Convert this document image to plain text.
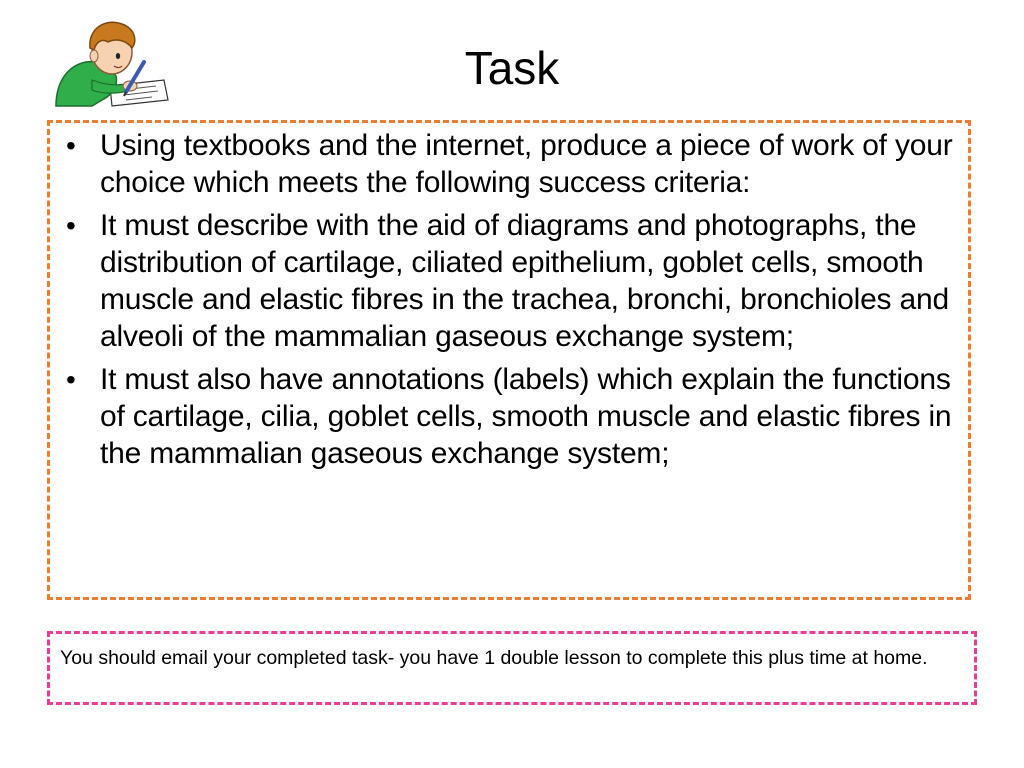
Task
• Using textbooks and the internet, produce a piece of work of your choice which meets the following success criteria:
• It must describe with the aid of diagrams and photographs, the distribution of cartilage, ciliated epithelium, goblet cells, smooth muscle and elastic fibres in the trachea, bronchi, bronchioles and alveoli of the mammalian gaseous exchange system;
• It must also have annotations (labels) which explain the functions of cartilage, cilia, goblet cells, smooth muscle and elastic fibres in the mammalian gaseous exchange system;
You should email your completed task- you have 1 double lesson to complete this plus time at home.
